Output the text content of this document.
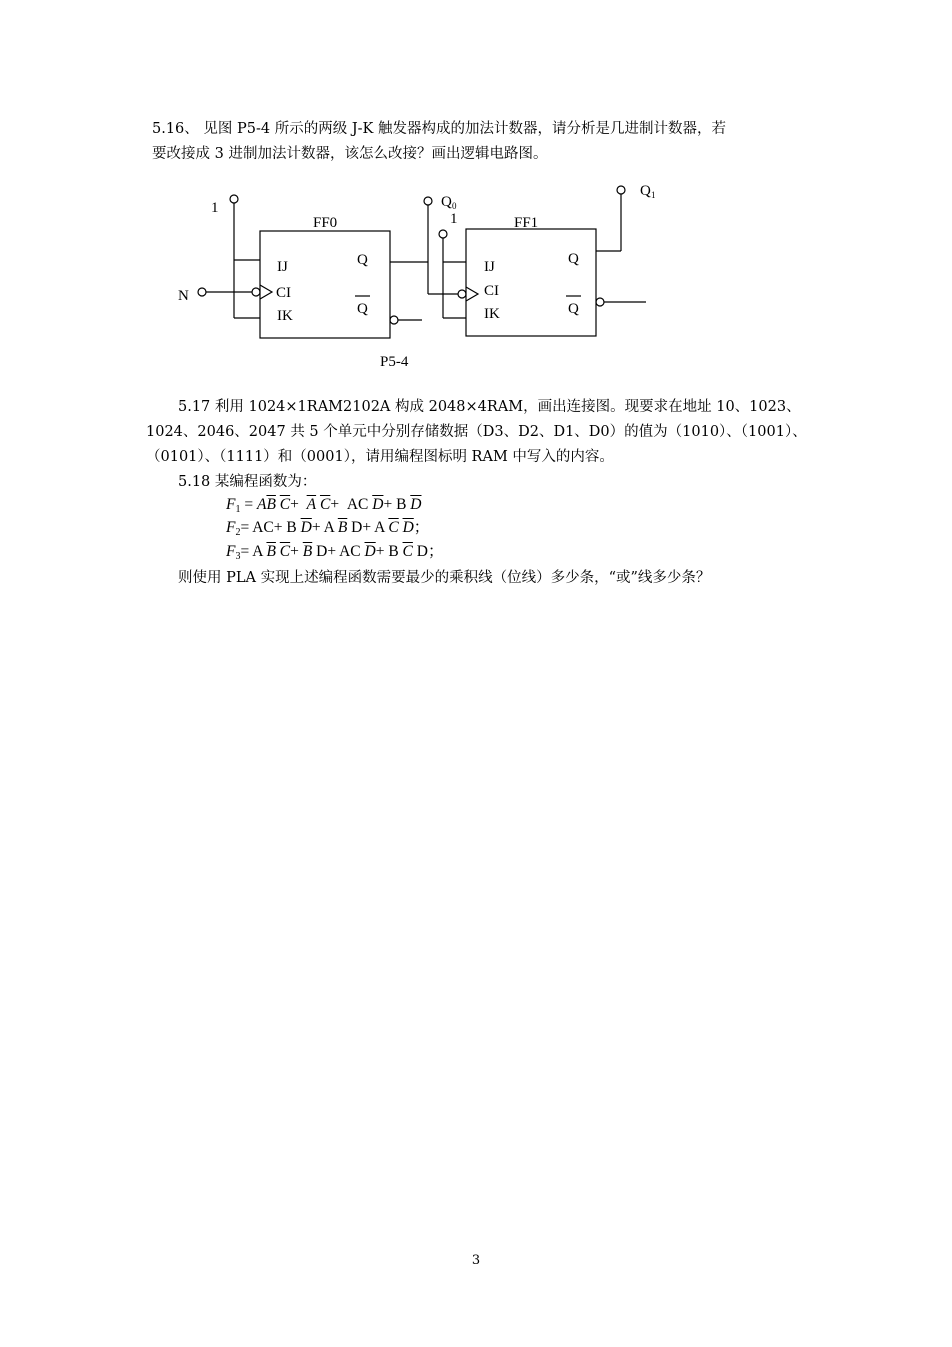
5.16、 见图 P5-4 所示的两级 J-K 触发器构成的加法计数器，请分析是几进制计数器，若
要改接成 3 进制加法计数器，该怎么改接？画出逻辑电路图。
1
FF0
IJ
CI
IK
Q
Q
N
Q 0
1	FF1
IJ
CI
IK
Q
Q
Q 1
P5-4
5.17 利用 1024×1RAM2102A 构成 2048×4RAM，画出连接图。现要求在地址 10、1023、
1024、2046、2047 共 5 个单元中分别存储数据（D3、D2、D1、D0）的值为（1010）、（1001）、
（0101）、（1111）和（0001），请用编程图标明 RAM 中写入的内容。
5.18 某编程函数为：
$F_1 = A\overline{B}$ $\overline{C}+ \overline{A}$ $\overline{C}+$  AC $\overline{D}+ B$ $\overline{D}$
$F_2= AC+ B$ $\overline{D}+ A$ $\overline{B}$ D+ A $\overline{C}$ $\overline{D}$；
$F_3= A$ $\overline{B}$ $\overline{C}+ \overline{B}$ D+ AC $\overline{D}+ B$ $\overline{C}$ D；
则使用 PLA 实现上述编程函数需要最少的乘积线（位线）多少条，“或”线多少条？
3
